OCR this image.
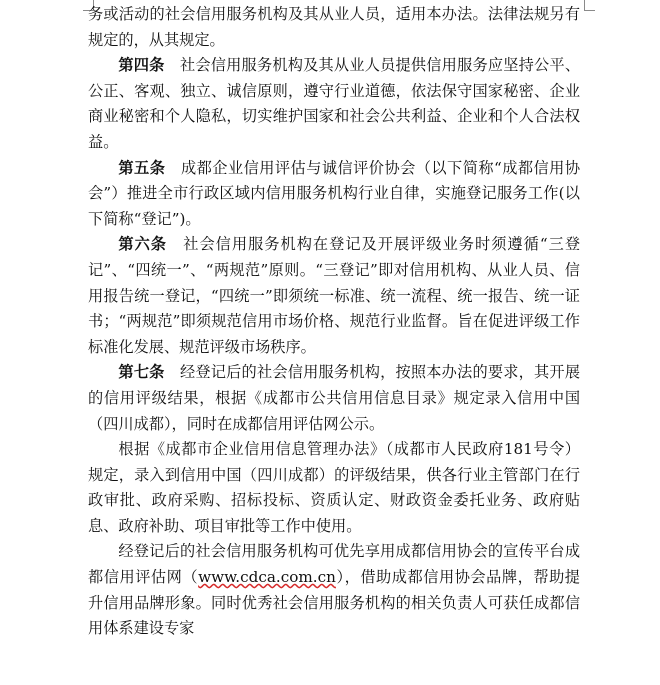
务或活动的社会信用服务机构及其从业人员，适用本办法。法律法规另有规定的，从其规定。

第四条　 社会信用服务机构及其从业人员提供信用服务应坚持公平、公正、客观、独立、诚信原则，遵守行业道德，依法保守国家秘密、企业商业秘密和个人隐私，切实维护国家和社会公共利益、企业和个人合法权益。

第五条　 成都企业信用评估与诚信评价协会（以下简称“成都信用协会”）推进全市行政区域内信用服务机构行业自律，实施登记服务工作(以下简称“登记”)。

第六条　 社会信用服务机构在登记及开展评级业务时须遵循“三登记”、“四统一”、“两规范”原则。“三登记”即对信用机构、从业人员、信用报告统一登记，“四统一”即须统一标准、统一流程、统一报告、统一证书；“两规范”即须规范信用市场价格、规范行业监督。旨在促进评级工作标准化发展、规范评级市场秩序。

第七条　 经登记后的社会信用服务机构，按照本办法的要求，其开展的信用评级结果，根据《成都市公共信用信息目录》规定录入信用中国（四川成都），同时在成都信用评估网公示。

根据《成都市企业信用信息管理办法》（成都市人民政府181号令）规定，录入到信用中国（四川成都）的评级结果，供各行业主管部门在行政审批、政府采购、招标投标、资质认定、财政资金委托业务、政府贴息、政府补助、项目审批等工作中使用。

经登记后的社会信用服务机构可优先享用成都信用协会的宣传平台成都信用评估网（www.cdca.com.cn），借助成都信用协会品牌，帮助提升信用品牌形象。同时优秀社会信用服务机构的相关负责人可获任成都信用体系建设专家
